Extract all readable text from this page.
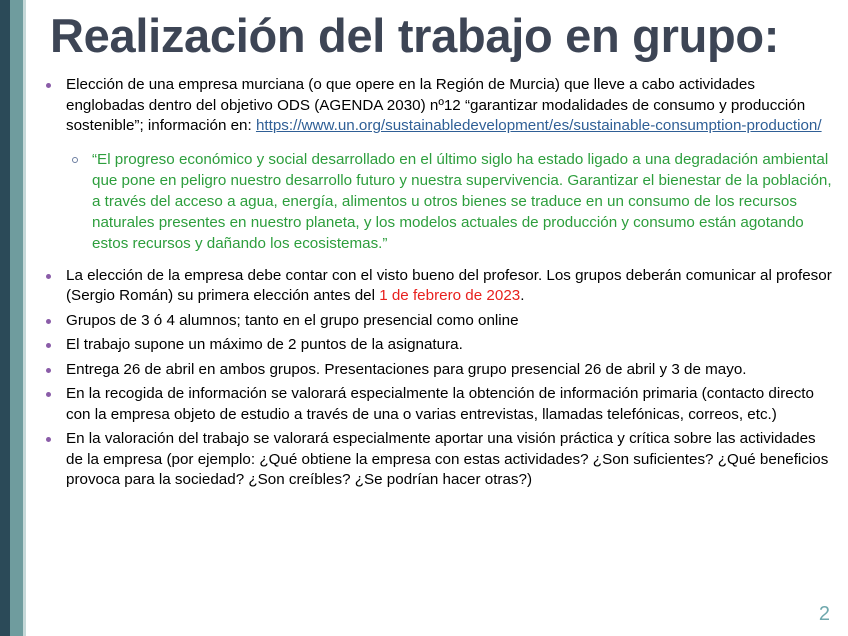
Realización del trabajo en grupo:
Elección de una empresa murciana (o que opere en la Región de Murcia) que lleve a cabo actividades englobadas dentro del objetivo ODS (AGENDA 2030) nº12 “garantizar modalidades de consumo y producción sostenible”; información en: https://www.un.org/sustainabledevelopment/es/sustainable-consumption-production/
“El progreso económico y social desarrollado en el último siglo ha estado ligado a una degradación ambiental que pone en peligro nuestro desarrollo futuro y nuestra supervivencia. Garantizar el bienestar de la población, a través del acceso a agua, energía, alimentos u otros bienes se traduce en un consumo de los recursos naturales presentes en nuestro planeta, y los modelos actuales de producción y consumo están agotando estos recursos y dañando los ecosistemas.”
La elección de la empresa debe contar con el visto bueno del profesor. Los grupos deberán comunicar al profesor (Sergio Román) su primera elección antes del 1 de febrero de 2023.
Grupos de 3 ó 4 alumnos; tanto en el grupo presencial como online
El trabajo supone un máximo de 2 puntos de la asignatura.
Entrega 26 de abril en ambos grupos. Presentaciones para grupo presencial 26 de abril y 3 de mayo.
En la recogida de información se valorará especialmente la obtención de información primaria (contacto directo con la empresa objeto de estudio a través de una o varias entrevistas, llamadas telefónicas, correos, etc.)
En la valoración del trabajo se valorará especialmente aportar una visión práctica y crítica sobre las actividades de la empresa (por ejemplo: ¿Qué obtiene la empresa con estas actividades? ¿Son suficientes? ¿Qué beneficios provoca para la sociedad? ¿Son creíbles? ¿Se podrían hacer otras?)
2
